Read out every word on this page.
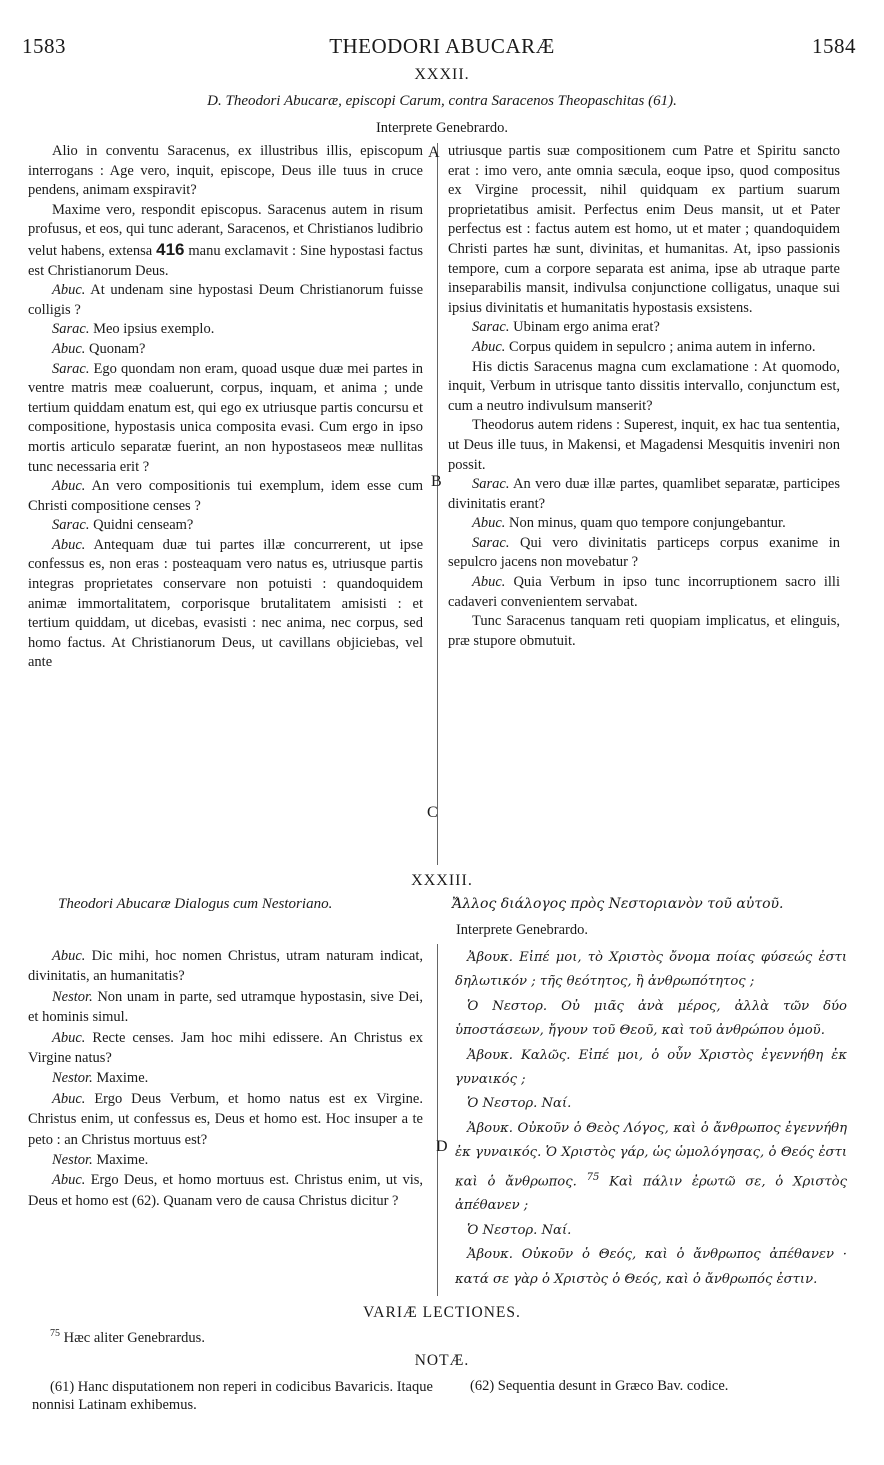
1583	THEODORI ABUCARÆ	1584
XXXII.
D. Theodori Abucaræ, episcopi Carum, contra Saracenos Theopaschitas (61).
Interprete Genebrardo.

Alio in conventu Saracenus, ex illustribus illis, episcopum interrogans : Age vero, inquit, episcope, Deus ille tuus in cruce pendens, animam exspiravit?

Maxime vero, respondit episcopus. Saracenus autem in risum profusus, et eos, qui tunc aderant, Saracenos, et Christianos ludibrio velut habens, extensa 416 manu exclamavit : Sine hypostasi factus est Christianorum Deus.

Abuc. At undenam sine hypostasi Deum Christianorum fuisse colligis ?

Sarac. Meo ipsius exemplo.

Abuc. Quonam?

Sarac. Ego quondam non eram, quoad usque duæ mei partes in ventre matris meæ coaluerunt, corpus, inquam, et anima ; unde tertium quiddam enatum est, qui ego ex utriusque partis concursu et compositione, hypostasis unica composita evasi. Cum ergo in ipso mortis articulo separatæ fuerint, an non hypostaseos meæ nullitas tunc necessaria erit ?

Abuc. An vero compositionis tui exemplum, idem esse cum Christi compositione censes ?

Sarac. Quidni censeam?

Abuc. Antequam duæ tui partes illæ concurrerent, ut ipse confessus es, non eras : posteaquam vero natus es, utriusque partis integras proprietates conservare non potuisti : quandoquidem animæ immortalitatem, corporisque brutalitatem amisisti : et tertium quiddam, ut dicebas, evasisti : nec anima, nec corpus, sed homo factus. At Christianorum Deus, ut cavillans objiciebas, vel ante

A
B
C

utriusque partis suæ compositionem cum Patre et Spiritu sancto erat : imo vero, ante omnia sæcula, eoque ipso, quod compositus ex Virgine processit, nihil quidquam ex partium suarum proprietatibus amisit. Perfectus enim Deus mansit, ut et Pater perfectus est : factus autem est homo, ut et mater ; quandoquidem Christi partes hæ sunt, divinitas, et humanitas. At, ipso passionis tempore, cum a corpore separata est anima, ipse ab utraque parte inseparabilis mansit, indivulsa conjunctione colligatus, unaque sui ipsius divinitatis et humanitatis hypostasis exsistens.

Sarac. Ubinam ergo anima erat?

Abuc. Corpus quidem in sepulcro ; anima autem in inferno.

His dictis Saracenus magna cum exclamatione : At quomodo, inquit, Verbum in utrisque tanto dissitis intervallo, conjunctum est, cum a neutro indivulsum manserit?

Theodorus autem ridens : Superest, inquit, ex hac tua sententia, ut Deus ille tuus, in Makensi, et Magadensi Mesquitis inveniri non possit.

Sarac. An vero duæ illæ partes, quamlibet separatæ, participes divinitatis erant?

Abuc. Non minus, quam quo tempore conjungebantur.

Sarac. Qui vero divinitatis particeps corpus exanime in sepulcro jacens non movebatur ?

Abuc. Quia Verbum in ipso tunc incorruptionem sacro illi cadaveri convenientem servabat.

Tunc Saracenus tanquam reti quopiam implicatus, et elinguis, præ stupore obmutuit.

XXXIII.
Theodori Abucaræ Dialogus cum Nestoriano.	Ἄλλος διάλογος πρὸς Νεστοριανὸν τοῦ αὐτοῦ.
Interprete Genebrardo.

Abuc. Dic mihi, hoc nomen Christus, utram naturam indicat, divinitatis, an humanitatis?

Nestor. Non unam in parte, sed utramque hypostasin, sive Dei, et hominis simul.

Abuc. Recte censes. Jam hoc mihi edissere. An Christus ex Virgine natus?

Nestor. Maxime.

Abuc. Ergo Deus Verbum, et homo natus est ex Virgine. Christus enim, ut confessus es, Deus et homo est. Hoc insuper a te peto : an Christus mortuus est?

Nestor. Maxime.

Abuc. Ergo Deus, et homo mortuus est. Christus enim, ut vis, Deus et homo est (62). Quanam vero de causa Christus dicitur ?

D

Ἀβουκ. Εἰπέ μοι, τὸ Χριστὸς ὄνομα ποίας φύσεώς ἐστι δηλωτικόν ; τῆς θεότητος, ἢ ἀνθρωπότητος ;

Ὁ Νεστορ. Οὐ μιᾶς ἀνὰ μέρος, ἀλλὰ τῶν δύο ὑποστάσεων, ἤγουν τοῦ Θεοῦ, καὶ τοῦ ἀνθρώπου ὁμοῦ.

Ἀβουκ. Καλῶς. Εἰπέ μοι, ὁ οὖν Χριστὸς ἐγεννήθη ἐκ γυναικός ;

Ὁ Νεστορ. Ναί.

Ἀβουκ. Οὐκοῦν ὁ Θεὸς Λόγος, καὶ ὁ ἄνθρωπος ἐγεννήθη ἐκ γυναικός. Ὁ Χριστὸς γάρ, ὡς ὡμολόγησας, ὁ Θεός ἐστι καὶ ὁ ἄνθρωπος. $^{75}$ Καὶ πάλιν ἐρωτῶ σε, ὁ Χριστὸς ἀπέθανεν ;

Ὁ Νεστορ. Ναί.

Ἀβουκ. Οὐκοῦν ὁ Θεός, καὶ ὁ ἄνθρωπος ἀπέθανεν · κατά σε γὰρ ὁ Χριστὸς ὁ Θεός, καὶ ὁ ἄνθρωπός ἐστιν.

VARIÆ LECTIONES.
$^{75}$ Hæc aliter Genebrardus.
NOTÆ.
(61) Hanc disputationem non reperi in codicibus Bavaricis. Itaque nonnisi Latinam exhibemus.
(62) Sequentia desunt in Græco Bav. codice.
